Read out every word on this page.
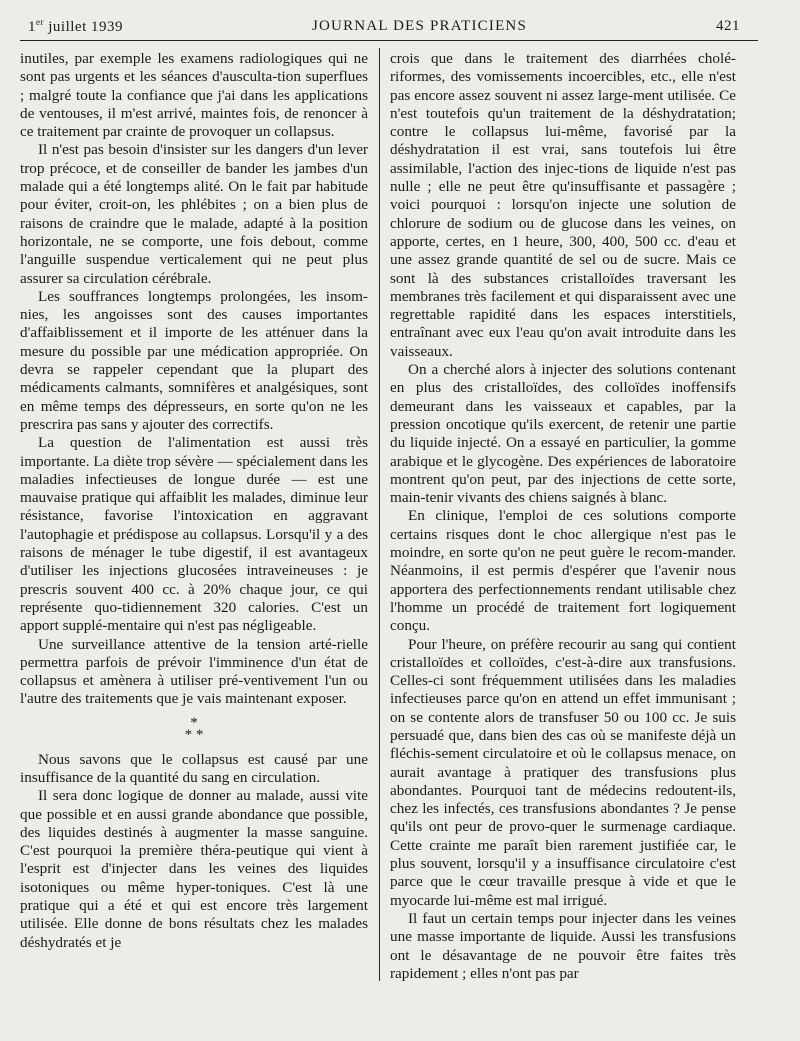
1er juillet 1939	JOURNAL DES PRATICIENS	421

inutiles, par exemple les examens radiologiques qui ne sont pas urgents et les séances d'ausculta-tion superflues ; malgré toute la confiance que j'ai dans les applications de ventouses, il m'est arrivé, maintes fois, de renoncer à ce traitement par crainte de provoquer un collapsus.

Il n'est pas besoin d'insister sur les dangers d'un lever trop précoce, et de conseiller de bander les jambes d'un malade qui a été longtemps alité. On le fait par habitude pour éviter, croit-on, les phlébites ; on a bien plus de raisons de craindre que le malade, adapté à la position horizontale, ne se comporte, une fois debout, comme l'anguille suspendue verticalement qui ne peut plus assurer sa circulation cérébrale.

Les souffrances longtemps prolongées, les insom-nies, les angoisses sont des causes importantes d'affaiblissement et il importe de les atténuer dans la mesure du possible par une médication appropriée. On devra se rappeler cependant que la plupart des médicaments calmants, somnifères et analgésiques, sont en même temps des dépresseurs, en sorte qu'on ne les prescrira pas sans y ajouter des correctifs.

La question de l'alimentation est aussi très importante. La diète trop sévère — spécialement dans les maladies infectieuses de longue durée — est une mauvaise pratique qui affaiblit les malades, diminue leur résistance, favorise l'intoxication en aggravant l'autophagie et prédispose au collapsus. Lorsqu'il y a des raisons de ménager le tube digestif, il est avantageux d'utiliser les injections glucosées intraveineuses : je prescris souvent 400 cc. à 20% chaque jour, ce qui représente quo-tidiennement 320 calories. C'est un apport supplé-mentaire qui n'est pas négligeable.

Une surveillance attentive de la tension arté-rielle permettra parfois de prévoir l'imminence d'un état de collapsus et amènera à utiliser pré-ventivement l'un ou l'autre des traitements que je vais maintenant exposer.

*
* *

Nous savons que le collapsus est causé par une insuffisance de la quantité du sang en circulation.

Il sera donc logique de donner au malade, aussi vite que possible et en aussi grande abondance que possible, des liquides destinés à augmenter la masse sanguine. C'est pourquoi la première théra-peutique qui vient à l'esprit est d'injecter dans les veines des liquides isotoniques ou même hyper-toniques. C'est là une pratique qui a été et qui est encore très largement utilisée. Elle donne de bons résultats chez les malades déshydratés et je

crois que dans le traitement des diarrhées cholé-riformes, des vomissements incoercibles, etc., elle n'est pas encore assez souvent ni assez large-ment utilisée. Ce n'est toutefois qu'un traitement de la déshydratation; contre le collapsus lui-même, favorisé par la déshydratation il est vrai, sans toutefois lui être assimilable, l'action des injec-tions de liquide n'est pas nulle ; elle ne peut être qu'insuffisante et passagère ; voici pourquoi : lorsqu'on injecte une solution de chlorure de sodium ou de glucose dans les veines, on apporte, certes, en 1 heure, 300, 400, 500 cc. d'eau et une assez grande quantité de sel ou de sucre. Mais ce sont là des substances cristalloïdes traversant les membranes très facilement et qui disparaissent avec une regrettable rapidité dans les espaces interstitiels, entraînant avec eux l'eau qu'on avait introduite dans les vaisseaux.

On a cherché alors à injecter des solutions contenant en plus des cristalloïdes, des colloïdes inoffensifs demeurant dans les vaisseaux et capables, par la pression oncotique qu'ils exercent, de retenir une partie du liquide injecté. On a essayé en particulier, la gomme arabique et le glycogène. Des expériences de laboratoire montrent qu'on peut, par des injections de cette sorte, main-tenir vivants des chiens saignés à blanc.

En clinique, l'emploi de ces solutions comporte certains risques dont le choc allergique n'est pas le moindre, en sorte qu'on ne peut guère le recom-mander. Néanmoins, il est permis d'espérer que l'avenir nous apportera des perfectionnements rendant utilisable chez l'homme un procédé de traitement fort logiquement conçu.

Pour l'heure, on préfère recourir au sang qui contient cristalloïdes et colloïdes, c'est-à-dire aux transfusions. Celles-ci sont fréquemment utilisées dans les maladies infectieuses parce qu'on en attend un effet immunisant ; on se contente alors de transfuser 50 ou 100 cc. Je suis persuadé que, dans bien des cas où se manifeste déjà un fléchis-sement circulatoire et où le collapsus menace, on aurait avantage à pratiquer des transfusions plus abondantes. Pourquoi tant de médecins redoutent-ils, chez les infectés, ces transfusions abondantes ? Je pense qu'ils ont peur de provo-quer le surmenage cardiaque. Cette crainte me paraît bien rarement justifiée car, le plus souvent, lorsqu'il y a insuffisance circulatoire c'est parce que le cœur travaille presque à vide et que le myocarde lui-même est mal irrigué.

Il faut un certain temps pour injecter dans les veines une masse importante de liquide. Aussi les transfusions ont le désavantage de ne pouvoir être faites très rapidement ; elles n'ont pas par
